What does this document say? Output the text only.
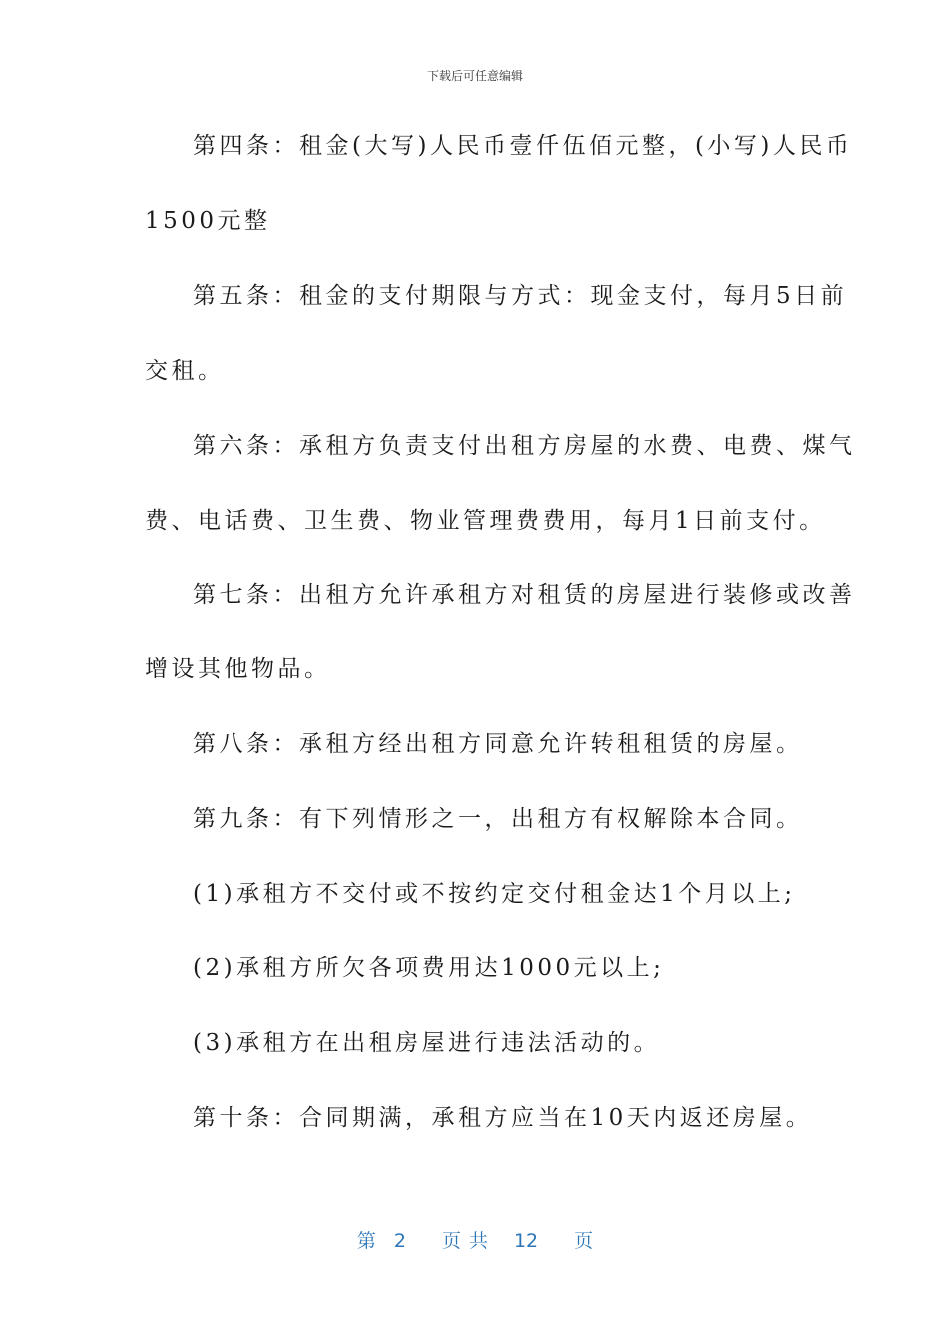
下载后可任意编辑
第四条：租金(大写)人民币壹仟伍佰元整，(小写)人民币
1500元整
第五条：租金的支付期限与方式：现金支付，每月5日前
交租。
第六条：承租方负责支付出租方房屋的水费、电费、煤气
费、电话费、卫生费、物业管理费费用，每月1日前支付。
第七条：出租方允许承租方对租赁的房屋进行装修或改善
增设其他物品。
第八条：承租方经出租方同意允许转租租赁的房屋。
第九条：有下列情形之一，出租方有权解除本合同。
(1)承租方不交付或不按约定交付租金达1个月以上;
(2)承租方所欠各项费用达1000元以上;
(3)承租方在出租房屋进行违法活动的。
第十条：合同期满，承租方应当在10天内返还房屋。
第 2 页共 12 页
